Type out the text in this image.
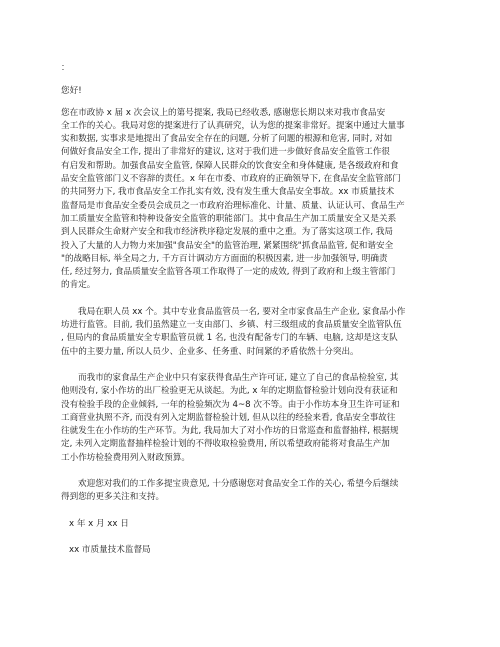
：

您好!

您在市政协 x 届 x 次会议上的第号提案, 我局已经收悉, 感谢您长期以来对我市食品安
全工作的关心。我局对您的提案进行了认真研究，认为您的提案非常好。提案中通过大量事
实和数据, 实事求是地提出了食品安全存在的问题, 分析了问题的根源和危害, 同时, 对如
何做好食品安全工作, 提出了非常好的建议, 这对于我们进一步做好食品安全监管工作很
有启发和帮助。加强食品安全监管, 保障人民群众的饮食安全和身体健康, 是各级政府和食
品安全监管部门义不容辞的责任。x 年在市委、市政府的正确领导下, 在食品安全监管部门
的共同努力下, 我市食品安全工作扎实有效, 没有发生重大食品安全事故。xx 市质量技术
监督局是市食品安全委员会成员之一市政府治理标准化、计量、质量、认证认可、食品生产
加工质量安全监管和特种设备安全监管的职能部门。其中食品生产加工质量安全又是关系
到人民群众生命财产安全和我市经济秩序稳定发展的重中之重。为了落实这项工作, 我局
投入了大量的人力物力来加强"食品安全"的监管治理, 紧紧围绕"抓食品监管, 促和谐安全
"的战略目标, 举全局之力, 千方百计调动方方面面的积极因素, 进一步加强领导, 明确责
任, 经过努力, 食品质量安全监管各项工作取得了一定的成效, 得到了政府和上级主管部门
的肯定。
我局在职人员 xx 个。其中专业食品监管员一名, 要对全市家食品生产企业, 家食品小作
坊进行监管。目前, 我们虽然建立一支由部门、乡镇、村三级组成的食品质量安全监管队伍
, 但局内的食品质量安全专职监管员就 1 名, 也没有配备专门的车辆、电脑, 这却是这支队
伍中的主要力量, 所以人员少、企业多、任务重、时间紧的矛盾依然十分突出。
而我市的家食品生产企业中只有家获得食品生产许可证, 建立了自己的食品检验室, 其
他则没有, 家小作坊的出厂检验更无从谈起。为此, x 年的定期监督检验计划向没有获证和
没有检验手段的企业倾斜, 一年的检验频次为 4~8 次不等。由于小作坊本身卫生许可证和
工商营业执照不齐, 而没有列入定期监督检验计划, 但从以往的经验来看, 食品安全事故往
往就发生在小作坊的生产环节。为此, 我局加大了对小作坊的日常巡查和监督抽样, 根据规
定, 未列入定期监督抽样检验计划的不得收取检验费用, 所以希望政府能将对食品生产加
工小作坊检验费用列入财政预算。
欢迎您对我们的工作多提宝贵意见, 十分感谢您对食品安全工作的关心, 希望今后继续
得到您的更多关注和支持。

x 年 x 月 xx 日

xx 市质量技术监督局
